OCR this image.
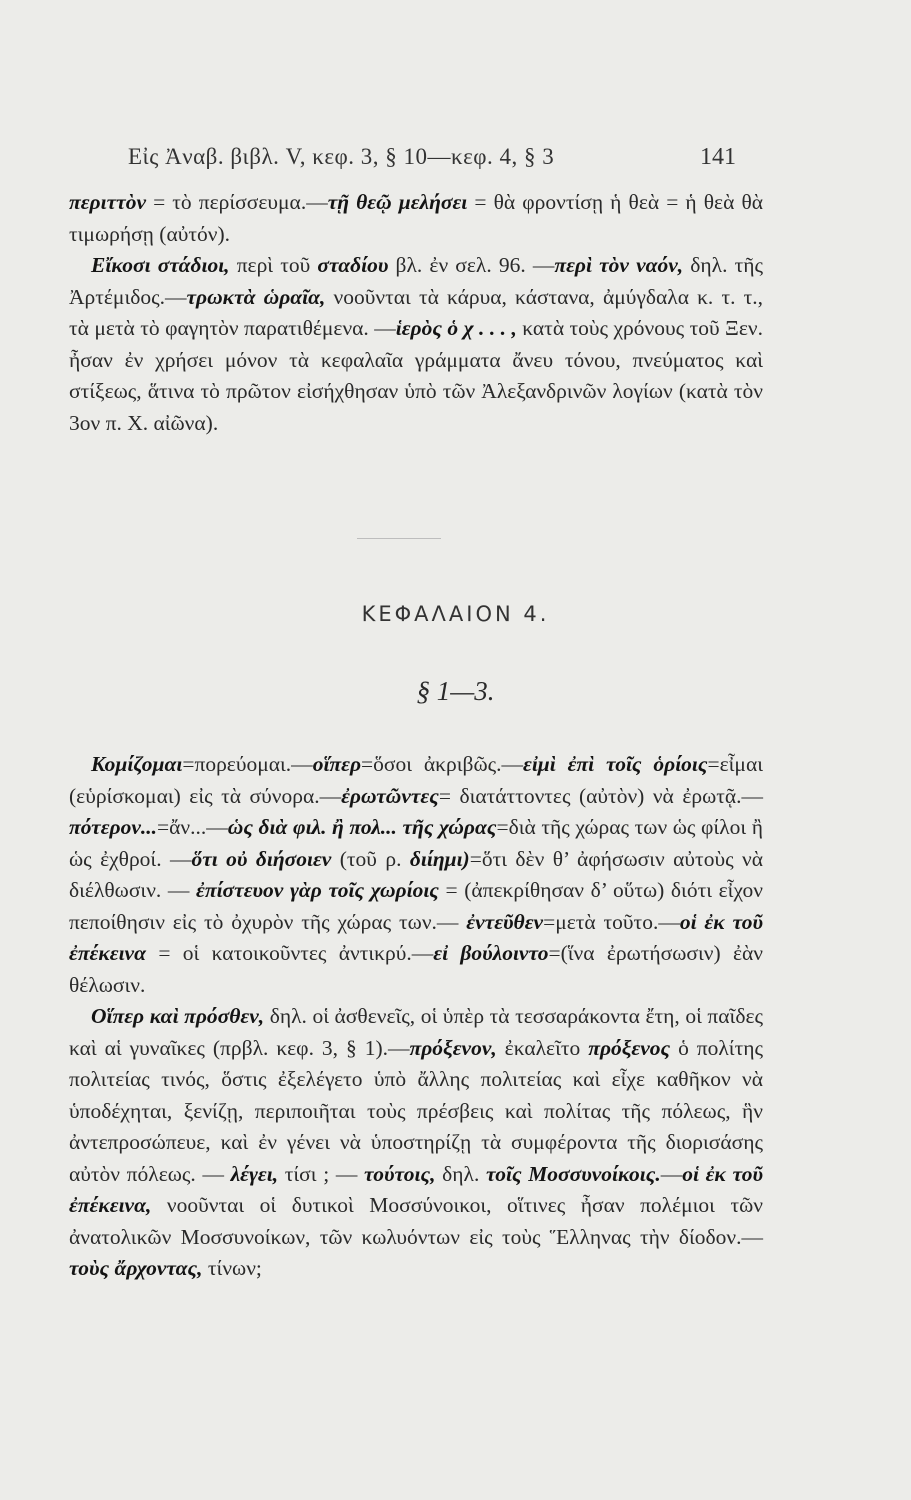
Εἰς Ἀναβ. βιβλ. V, κεφ. 3, § 10—κεφ. 4, § 3	141

περιττὸν = τὸ περίσσευμα.—τῇ θεῷ μελήσει = θὰ φροντίσῃ ἡ θεὰ = ἡ θεὰ θὰ τιμωρήσῃ (αὐτόν).

Εἴκοσι στάδιοι, περὶ τοῦ σταδίου βλ. ἐν σελ. 96. —περὶ τὸν ναόν, δηλ. τῆς Ἀρτέμιδος.—τρωκτὰ ὡραῖα, νοοῦνται τὰ κάρυα, κάστανα, ἀμύγδαλα κ. τ. τ., τὰ μετὰ τὸ φαγητὸν παρατιθέμενα. —ἱερὸς ὁ χ . . . , κατὰ τοὺς χρόνους τοῦ Ξεν. ἦσαν ἐν χρήσει μόνον τὰ κεφαλαῖα γράμματα ἄνευ τόνου, πνεύματος καὶ στίξεως, ἅτινα τὸ πρῶτον εἰσήχθησαν ὑπὸ τῶν Ἀλεξανδρινῶν λογίων (κατὰ τὸν 3ον π. Χ. αἰῶνα).

ΚΕΦΑΛΑΙΟΝ 4.
§ 1—3.

Κομίζομαι=πορεύομαι.—οἵπερ=ὅσοι ἀκριβῶς.—εἰμὶ ἐπὶ τοῖς ὁρίοις=εἶμαι (εὑρίσκομαι) εἰς τὰ σύνορα.—ἐρωτῶντες= διατάττοντες (αὐτὸν) νὰ ἐρωτᾷ.—πότερον...=ἄν...—ὡς διὰ φιλ. ἢ πολ... τῆς χώρας=διὰ τῆς χώρας των ὡς φίλοι ἢ ὡς ἐχθροί. —ὅτι οὐ διήσοιεν (τοῦ ρ. διίημι)=ὅτι δὲν θ’ ἀφήσωσιν αὐτοὺς νὰ διέλθωσιν. — ἐπίστευον γὰρ τοῖς χωρίοις = (ἀπεκρίθησαν δ’ οὕτω) διότι εἶχον πεποίθησιν εἰς τὸ ὀχυρὸν τῆς χώρας των.— ἐντεῦθεν=μετὰ τοῦτο.—οἱ ἐκ τοῦ ἐπέκεινα = οἱ κατοικοῦντες ἀντικρύ.—εἰ βούλοιντο=(ἵνα ἐρωτήσωσιν) ἐὰν θέλωσιν.

Οἵπερ καὶ πρόσθεν, δηλ. οἱ ἀσθενεῖς, οἱ ὑπὲρ τὰ τεσσαράκοντα ἔτη, οἱ παῖδες καὶ αἱ γυναῖκες (πρβλ. κεφ. 3, § 1).—πρόξενον, ἐκαλεῖτο πρόξενος ὁ πολίτης πολιτείας τινός, ὅστις ἐξελέγετο ὑπὸ ἄλλης πολιτείας καὶ εἶχε καθῆκον νὰ ὑποδέχηται, ξενίζῃ, περιποιῆται τοὺς πρέσβεις καὶ πολίτας τῆς πόλεως, ἣν ἀντεπροσώπευε, καὶ ἐν γένει νὰ ὑποστηρίζῃ τὰ συμφέροντα τῆς διορισάσης αὐτὸν πόλεως. — λέγει, τίσι ; — τούτοις, δηλ. τοῖς Μοσσυνοίκοις.—οἱ ἐκ τοῦ ἐπέκεινα, νοοῦνται οἱ δυτικοὶ Μοσσύνοικοι, οἵτινες ἦσαν πολέμιοι τῶν ἀνατολικῶν Μοσσυνοίκων, τῶν κωλυόντων εἰς τοὺς Ἕλληνας τὴν δίοδον.—τοὺς ἄρχοντας, τίνων;
